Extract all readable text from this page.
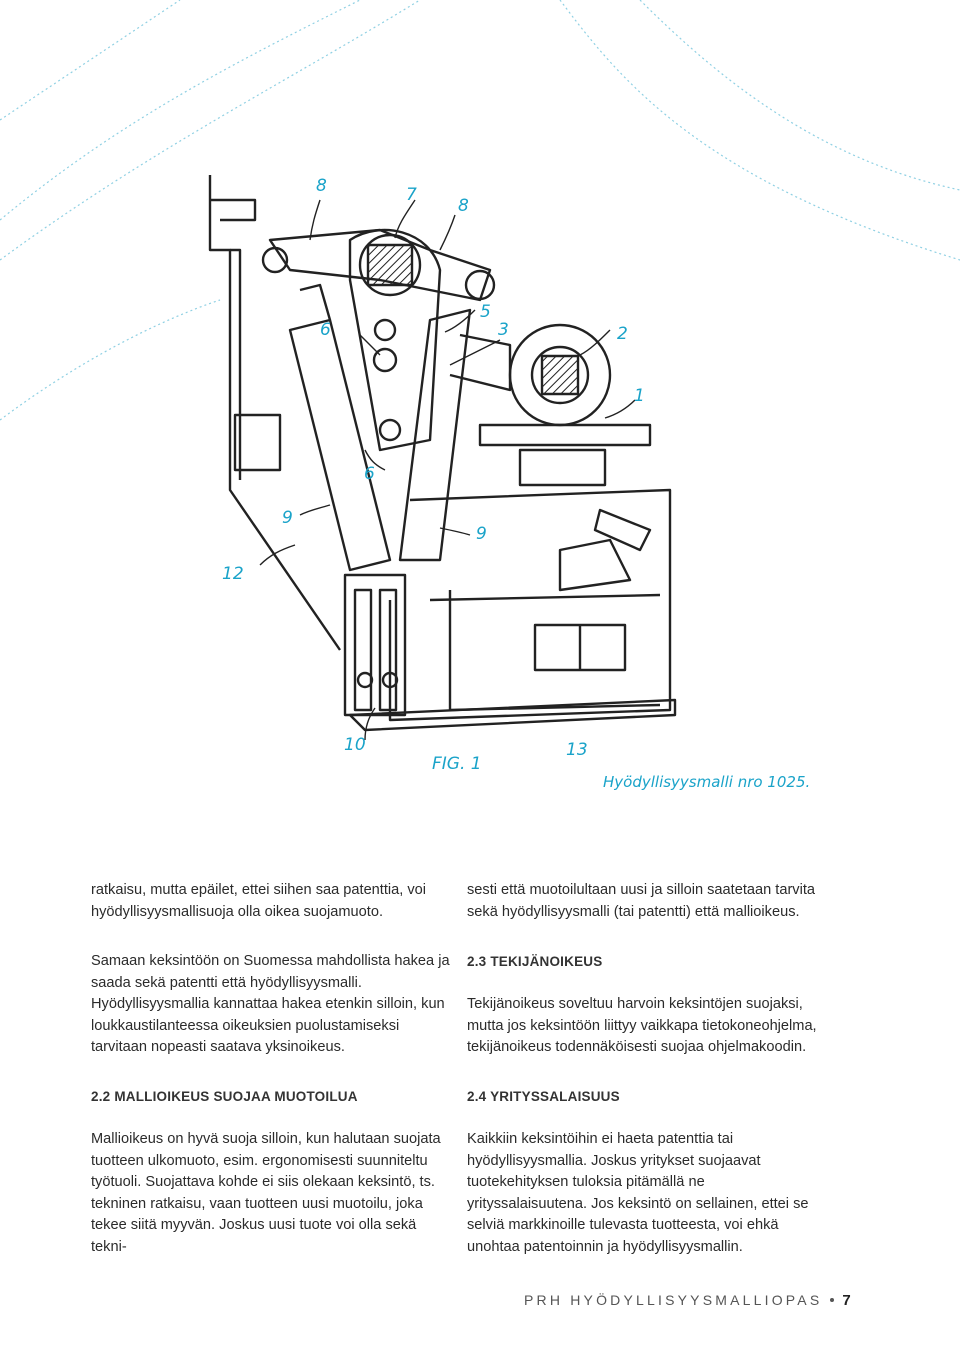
8	7
8
5
6	3	2
1
6
9
9
12
10	13
FIG. 1
Hyödyllisyysmalli nro 1025.

ratkaisu, mutta epäilet, ettei siihen saa patenttia, voi hyödyllisyysmallisuoja olla oikea suojamuoto.

Samaan keksintöön on Suomessa mahdollista hakea ja saada sekä patentti että hyödyllisyysmalli. Hyödyllisyysmallia kannattaa hakea etenkin silloin, kun loukkaustilanteessa oikeuksien puolustamiseksi tarvitaan nopeasti saatava yksinoikeus.

2.2 MALLIOIKEUS SUOJAA MUOTOILUA

Mallioikeus on hyvä suoja silloin, kun halutaan suojata tuotteen ulkomuoto, esim. ergonomisesti suunniteltu työtuoli. Suojattava kohde ei siis olekaan keksintö, ts. tekninen ratkaisu, vaan tuotteen uusi muotoilu, joka tekee siitä myyvän. Joskus uusi tuote voi olla sekä tekni-

sesti että muotoilultaan uusi ja silloin saatetaan tarvita sekä hyödyllisyysmalli (tai patentti) että mallioikeus.

2.3 TEKIJÄNOIKEUS

Tekijänoikeus soveltuu harvoin keksintöjen suojaksi, mutta jos keksintöön liittyy vaikkapa tietokoneohjelma, tekijänoikeus todennäköisesti suojaa ohjelmakoodin.

2.4 YRITYSSALAISUUS

Kaikkiin keksintöihin ei haeta patenttia tai hyödyllisyysmallia. Joskus yritykset suojaavat tuotekehityksen tuloksia pitämällä ne yrityssalaisuutena. Jos keksintö on sellainen, ettei se selviä markkinoille tulevasta tuotteesta, voi ehkä unohtaa patentoinnin ja hyödyllisyysmallin.

PRH HYÖDYLLISYYSMALLIOPAS 7
